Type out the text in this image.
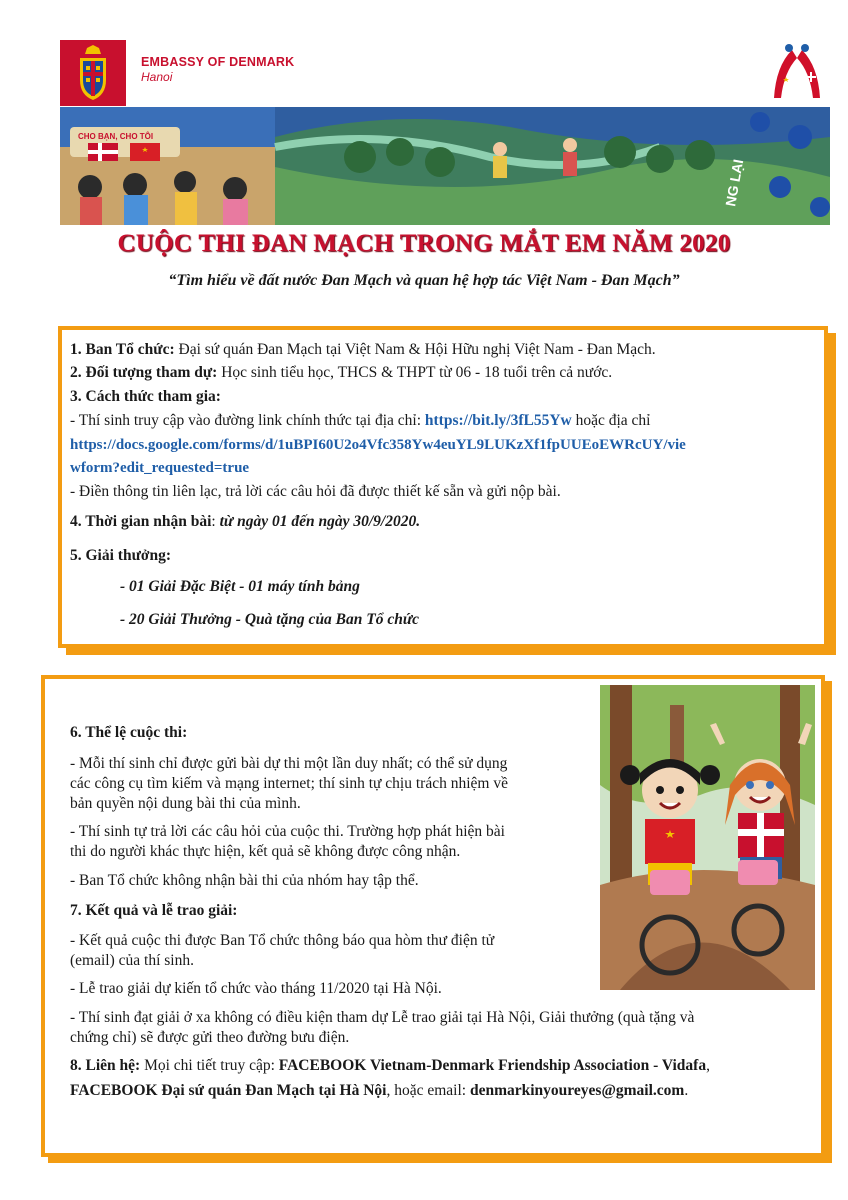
EMBASSY OF DENMARK
Hanoi
CHO BẠN, CHO TÔI
NG LẠI
CUỘC THI ĐAN MẠCH TRONG MẮT EM NĂM 2020
“Tìm hiểu về đất nước Đan Mạch và quan hệ hợp tác Việt Nam - Đan Mạch”
1. Ban Tổ chức: Đại sứ quán Đan Mạch tại Việt Nam & Hội Hữu nghị Việt Nam - Đan Mạch.
2. Đối tượng tham dự: Học sinh tiểu học, THCS & THPT từ 06 - 18 tuổi trên cả nước.
3. Cách thức tham gia:
- Thí sinh truy cập vào đường link chính thức tại địa chỉ: https://bit.ly/3fL55Yw hoặc địa chỉ
https://docs.google.com/forms/d/1uBPI60U2o4Vfc358Yw4euYL9LUKzXf1fpUUEoEWRcUY/vie
wform?edit_requested=true
- Điền thông tin liên lạc, trả lời các câu hỏi đã được thiết kế sẵn và gửi nộp bài.
4. Thời gian nhận bài: từ ngày 01 đến ngày 30/9/2020.
5. Giải thưởng:
- 01 Giải Đặc Biệt - 01 máy tính bảng
- 20 Giải Thưởng - Quà tặng của Ban Tổ chức
6. Thể lệ cuộc thi:
- Mỗi thí sinh chỉ được gửi bài dự thi một lần duy nhất; có thể sử dụng
các công cụ tìm kiếm và mạng internet; thí sinh tự chịu trách nhiệm về
bản quyền nội dung bài thi của mình.
- Thí sinh tự trả lời các câu hỏi của cuộc thi. Trường hợp phát hiện bài
thi do người khác thực hiện, kết quả sẽ không được công nhận.
- Ban Tổ chức không nhận bài thi của nhóm hay tập thể.
7. Kết quả và lễ trao giải:
- Kết quả cuộc thi được Ban Tổ chức thông báo qua hòm thư điện tử
(email) của thí sinh.
- Lễ trao giải dự kiến tổ chức vào tháng 11/2020 tại Hà Nội.
- Thí sinh đạt giải ở xa không có điều kiện tham dự Lễ trao giải tại Hà Nội, Giải thưởng (quà tặng và
chứng chỉ) sẽ được gửi theo đường bưu điện.
8. Liên hệ: Mọi chi tiết truy cập: FACEBOOK Vietnam-Denmark Friendship Association - Vidafa,
FACEBOOK Đại sứ quán Đan Mạch tại Hà Nội, hoặc email: denmarkinyoureyes@gmail.com.
